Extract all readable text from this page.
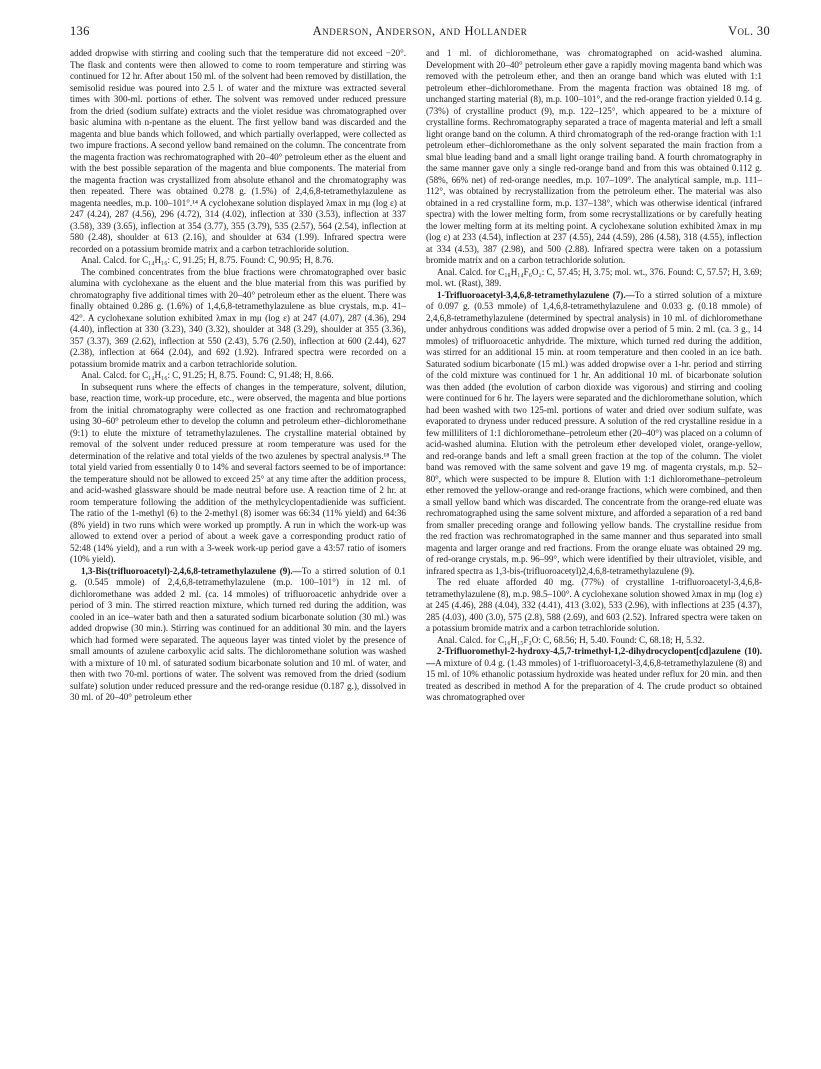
136	Anderson, Anderson, and Hollander	Vol. 30

added dropwise with stirring and cooling such that the temperature did not exceed −20°. The flask and contents were then allowed to come to room temperature and stirring was continued for 12 hr. After about 150 ml. of the solvent had been removed by distillation, the semisolid residue was poured into 2.5 l. of water and the mixture was extracted several times with 300-ml. portions of ether. The solvent was removed under reduced pressure from the dried (sodium sulfate) extracts and the violet residue was chromatographed over basic alumina with n-pentane as the eluent. The first yellow band was discarded and the magenta and blue bands which followed, and which partially overlapped, were collected as two impure fractions. A second yellow band remained on the column. The concentrate from the magenta fraction was rechromatographed with 20–40° petroleum ether as the eluent and with the best possible separation of the magenta and blue components. The material from the magenta fraction was crystallized from absolute ethanol and the chromatography was then repeated. There was obtained 0.278 g. (1.5%) of 2,4,6,8-tetramethylazulene as magenta needles, m.p. 100–101°.¹⁴ A cyclohexane solution displayed λmax in mμ (log ε) at 247 (4.24), 287 (4.56), 296 (4.72), 314 (4.02), inflection at 330 (3.53), inflection at 337 (3.58), 339 (3.65), inflection at 354 (3.77), 355 (3.79), 535 (2.57), 564 (2.54), inflection at 580 (2.48), shoulder at 613 (2.16), and shoulder at 634 (1.99). Infrared spectra were recorded on a potassium bromide matrix and a carbon tetrachloride solution.

Anal. Calcd. for C₁₄H₁₆: C, 91.25; H, 8.75. Found: C, 90.95; H, 8.76.

The combined concentrates from the blue fractions were chromatographed over basic alumina with cyclohexane as the eluent and the blue material from this was purified by chromatography five additional times with 20–40° petroleum ether as the eluent. There was finally obtained 0.286 g. (1.6%) of 1,4,6,8-tetramethylazulene as blue crystals, m.p. 41–42°. A cyclohexane solution exhibited λmax in mμ (log ε) at 247 (4.07), 287 (4.36), 294 (4.40), inflection at 330 (3.23), 340 (3.32), shoulder at 348 (3.29), shoulder at 355 (3.36), 357 (3.37), 369 (2.62), inflection at 550 (2.43), 5.76 (2.50), inflection at 600 (2.44), 627 (2.38), inflection at 664 (2.04), and 692 (1.92). Infrared spectra were recorded on a potassium bromide matrix and a carbon tetrachloride solution.

Anal. Calcd. for C₁₄H₁₆: C, 91.25; H, 8.75. Found: C, 91.48; H, 8.66.

In subsequent runs where the effects of changes in the temperature, solvent, dilution, base, reaction time, work-up procedure, etc., were observed, the magenta and blue portions from the initial chromatography were collected as one fraction and rechromatographed using 30–60° petroleum ether to develop the column and petroleum ether–dichloromethane (9:1) to elute the mixture of tetramethylazulenes. The crystalline material obtained by removal of the solvent under reduced pressure at room temperature was used for the determination of the relative and total yields of the two azulenes by spectral analysis.¹⁸ The total yield varied from essentially 0 to 14% and several factors seemed to be of importance: the temperature should not be allowed to exceed 25° at any time after the addition process, and acid-washed glassware should be made neutral before use. A reaction time of 2 hr. at room temperature following the addition of the methylcyclopentadienide was sufficient. The ratio of the 1-methyl (6) to the 2-methyl (8) isomer was 66:34 (11% yield) and 64:36 (8% yield) in two runs which were worked up promptly. A run in which the work-up was allowed to extend over a period of about a week gave a corresponding product ratio of 52:48 (14% yield), and a run with a 3-week work-up period gave a 43:57 ratio of isomers (10% yield).

1,3-Bis(trifluoroacetyl)-2,4,6,8-tetramethylazulene (9).—To a stirred solution of 0.1 g. (0.545 mmole) of 2,4,6,8-tetramethylazulene (m.p. 100–101°) in 12 ml. of dichloromethane was added 2 ml. (ca. 14 mmoles) of trifluoroacetic anhydride over a period of 3 min. The stirred reaction mixture, which turned red during the addition, was cooled in an ice–water bath and then a saturated sodium bicarbonate solution (30 ml.) was added dropwise (30 min.). Stirring was continued for an additional 30 min. and the layers which had formed were separated. The aqueous layer was tinted violet by the presence of small amounts of azulene carboxylic acid salts. The dichloromethane solution was washed with a mixture of 10 ml. of saturated sodium bicarbonate solution and 10 ml. of water, and then with two 70-ml. portions of water. The solvent was removed from the dried (sodium sulfate) solution under reduced pressure and the red-orange residue (0.187 g.), dissolved in 30 ml. of 20–40° petroleum ether

and 1 ml. of dichloromethane, was chromatographed on acid-washed alumina. Development with 20–40° petroleum ether gave a rapidly moving magenta band which was removed with the petroleum ether, and then an orange band which was eluted with 1:1 petroleum ether–dichloromethane. From the magenta fraction was obtained 18 mg. of unchanged starting material (8), m.p. 100–101°, and the red-orange fraction yielded 0.14 g. (73%) of crystalline product (9), m.p. 122–125°, which appeared to be a mixture of crystalline forms. Rechromatography separated a trace of magenta material and left a small light orange band on the column. A third chromatograph of the red-orange fraction with 1:1 petroleum ether–dichloromethane as the only solvent separated the main fraction from a smal blue leading band and a small light orange trailing band. A fourth chromatography in the same manner gave only a single red-orange band and from this was obtained 0.112 g. (58%, 66% net) of red-orange needles, m.p. 107–109°. The analytical sample, m.p. 111–112°, was obtained by recrystallization from the petroleum ether. The material was also obtained in a red crystalline form, m.p. 137–138°, which was otherwise identical (infrared spectra) with the lower melting form, from some recrystallizations or by carefully heating the lower melting form at its melting point. A cyclohexane solution exhibited λmax in mμ (log ε) at 233 (4.54), inflection at 237 (4.55), 244 (4.59), 286 (4.58), 318 (4.55), inflection at 334 (4.53), 387 (2.98), and 500 (2.88). Infrared spectra were taken on a potassium bromide matrix and on a carbon tetrachloride solution.

Anal. Calcd. for C₁₈H₁₄F₆O₂: C, 57.45; H, 3.75; mol. wt., 376. Found: C, 57.57; H, 3.69; mol. wt. (Rast), 389.

1-Trifluoroacetyl-3,4,6,8-tetramethylazulene (7).—To a stirred solution of a mixture of 0.097 g. (0.53 mmole) of 1,4,6,8-tetramethylazulene and 0.033 g. (0.18 mmole) of 2,4,6,8-tetramethylazulene (determined by spectral analysis) in 10 ml. of dichloromethane under anhydrous conditions was added dropwise over a period of 5 min. 2 ml. (ca. 3 g., 14 mmoles) of trifluoroacetic anhydride. The mixture, which turned red during the addition, was stirred for an additional 15 min. at room temperature and then cooled in an ice bath. Saturated sodium bicarbonate (15 ml.) was added dropwise over a 1-hr. period and stirring of the cold mixture was continued for 1 hr. An additional 10 ml. of bicarbonate solution was then added (the evolution of carbon dioxide was vigorous) and stirring and cooling were continued for 6 hr. The layers were separated and the dichloromethane solution, which had been washed with two 125-ml. portions of water and dried over sodium sulfate, was evaporated to dryness under reduced pressure. A solution of the red crystalline residue in a few milliliters of 1:1 dichloromethane–petroleum ether (20–40°) was placed on a column of acid-washed alumina. Elution with the petroleum ether developed violet, orange-yellow, and red-orange bands and left a small green fraction at the top of the column. The violet band was removed with the same solvent and gave 19 mg. of magenta crystals, m.p. 52–80°, which were suspected to be impure 8. Elution with 1:1 dichloromethane–petroleum ether removed the yellow-orange and red-orange fractions, which were combined, and then a small yellow band which was discarded. The concentrate from the orange-red eluate was rechromatographed using the same solvent mixture, and afforded a separation of a red band from smaller preceding orange and following yellow bands. The crystalline residue from the red fraction was rechromatographed in the same manner and thus separated into small magenta and larger orange and red fractions. From the orange eluate was obtained 29 mg. of red-orange crystals, m.p. 96–99°, which were identified by their ultraviolet, visible, and infrared spectra as 1,3-bis-(trifluoroacetyl)2,4,6,8-tetramethylazulene (9).

The red eluate afforded 40 mg. (77%) of crystalline 1-trifluoroacetyl-3,4,6,8-tetramethylazulene (8), m.p. 98.5–100°. A cyclohexane solution showed λmax in mμ (log ε) at 245 (4.46), 288 (4.04), 332 (4.41), 413 (3.02), 533 (2.96), with inflections at 235 (4.37), 285 (4.03), 400 (3.0), 575 (2.8), 588 (2.69), and 603 (2.52). Infrared spectra were taken on a potassium bromide matrix and a carbon tetrachloride solution.

Anal. Calcd. for C₁₆H₁₅F₃O: C, 68.56; H, 5.40. Found: C, 68.18; H, 5.32.

2-Trifluoromethyl-2-hydroxy-4,5,7-trimethyl-1,2-dihydrocyclopent[cd]azulene (10).—A mixture of 0.4 g. (1.43 mmoles) of 1-trifluoroacetyl-3,4,6,8-tetramethylazulene (8) and 15 ml. of 10% ethanolic potassium hydroxide was heated under reflux for 20 min. and then treated as described in method A for the preparation of 4. The crude product so obtained was chromatographed over
